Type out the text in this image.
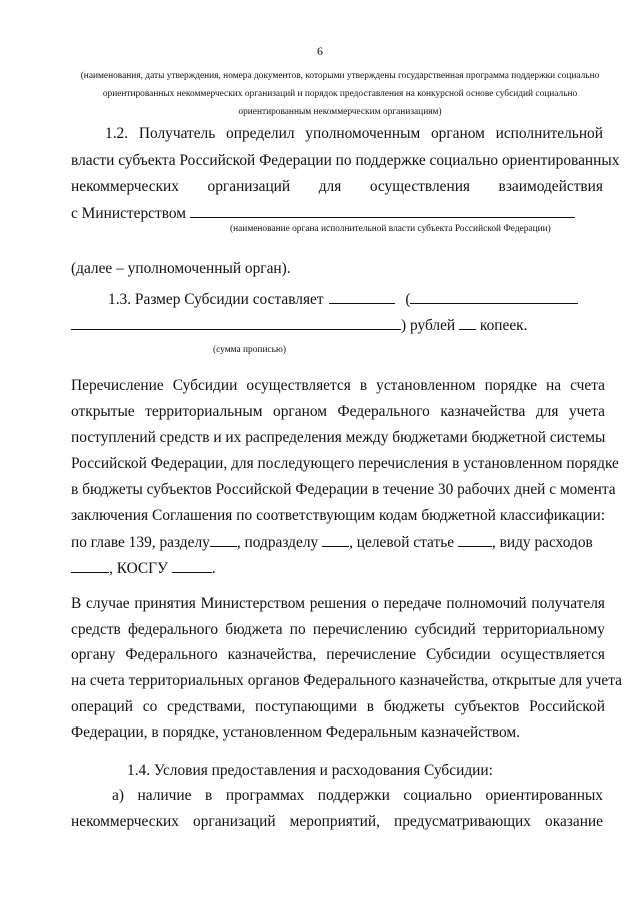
6
(наименования, даты утверждения, номера документов, которыми утверждены государственная программа поддержки социально
ориентированных некоммерческих организаций и порядок предоставления на конкурсной основе субсидий социально
ориентированным некоммерческим организациям)
1.2. Получатель определил уполномоченным органом исполнительной
власти субъекта Российской Федерации по поддержке социально ориентированных
некоммерческих организаций для осуществления взаимодействия
с Министерством
(наименование органа исполнительной власти субъекта Российской Федерации)
(далее – уполномоченный орган).
1.3. Размер Субсидии составляет	(
) рублей копеек.
(сумма прописью)
Перечисление Субсидии осуществляется в установленном порядке на счета
открытые территориальным органом Федерального казначейства для учета
поступлений средств и их распределения между бюджетами бюджетной системы
Российской Федерации, для последующего перечисления в установленном порядке
в бюджеты субъектов Российской Федерации в течение 30 рабочих дней с момента
заключения Соглашения по соответствующим кодам бюджетной классификации:
по главе 139, разделу , подразделу , целевой статье , виду расходов
, КОСГУ	.
В случае принятия Министерством решения о передаче полномочий получателя
средств федерального бюджета по перечислению субсидий территориальному
органу Федерального казначейства, перечисление Субсидии осуществляется
на счета территориальных органов Федерального казначейства, открытые для учета
операций со средствами, поступающими в бюджеты субъектов Российской
Федерации, в порядке, установленном Федеральным казначейством.
1.4. Условия предоставления и расходования Субсидии:
а) наличие в программах поддержки социально ориентированных
некоммерческих организаций мероприятий, предусматривающих оказание
